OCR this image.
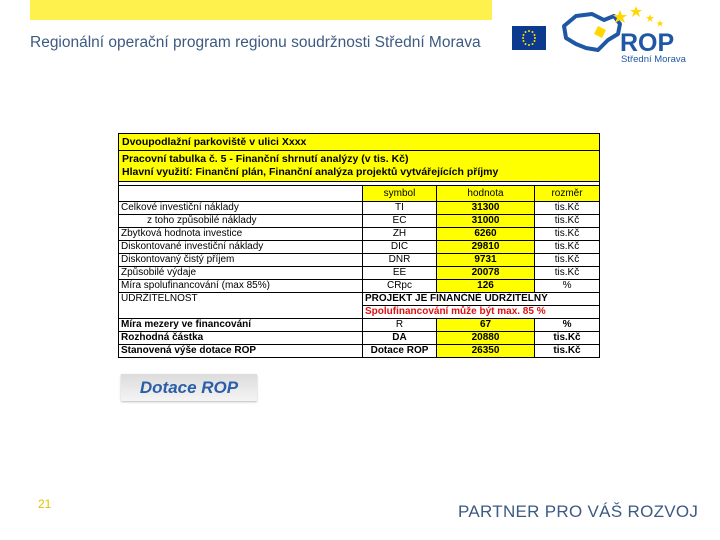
Regionální operační program regionu soudržnosti Střední Morava	ROP
Střední Morava
Dvoupodlažní parkoviště v ulici Xxxx			

Pracovní tabulka č. 5 - Finanční shrnutí analýzy (v tis. Kč)
Hlavní využití: Finanční plán, Finanční analýza projektů vytvářejících příjmy			

	symbol	hodnota	rozměr
Celkové investiční náklady	TI	31300	tis.Kč
z toho způsobilé náklady	EC	31000	tis.Kč
Zbytková hodnota investice	ZH	6260	tis.Kč
Diskontované investiční náklady	DIC	29810	tis.Kč
Diskontovaný čistý příjem	DNR	9731	tis.Kč
Způsobilé výdaje	EE	20078	tis.Kč
Míra spolufinancování (max 85%)	CRpc	126	%
UDRŽITELNOST	PROJEKT JE FINANČNĚ UDRŽITELNÝ		
	Spolufinancování může být max. 85 %		
Míra mezery ve financování	R	67	%
Rozhodná částka	DA	20880	tis.Kč
Stanovená výše dotace ROP	Dotace ROP	26350	tis.Kč
Dotace ROP
21	PARTNER PRO VÁŠ ROZVOJ
